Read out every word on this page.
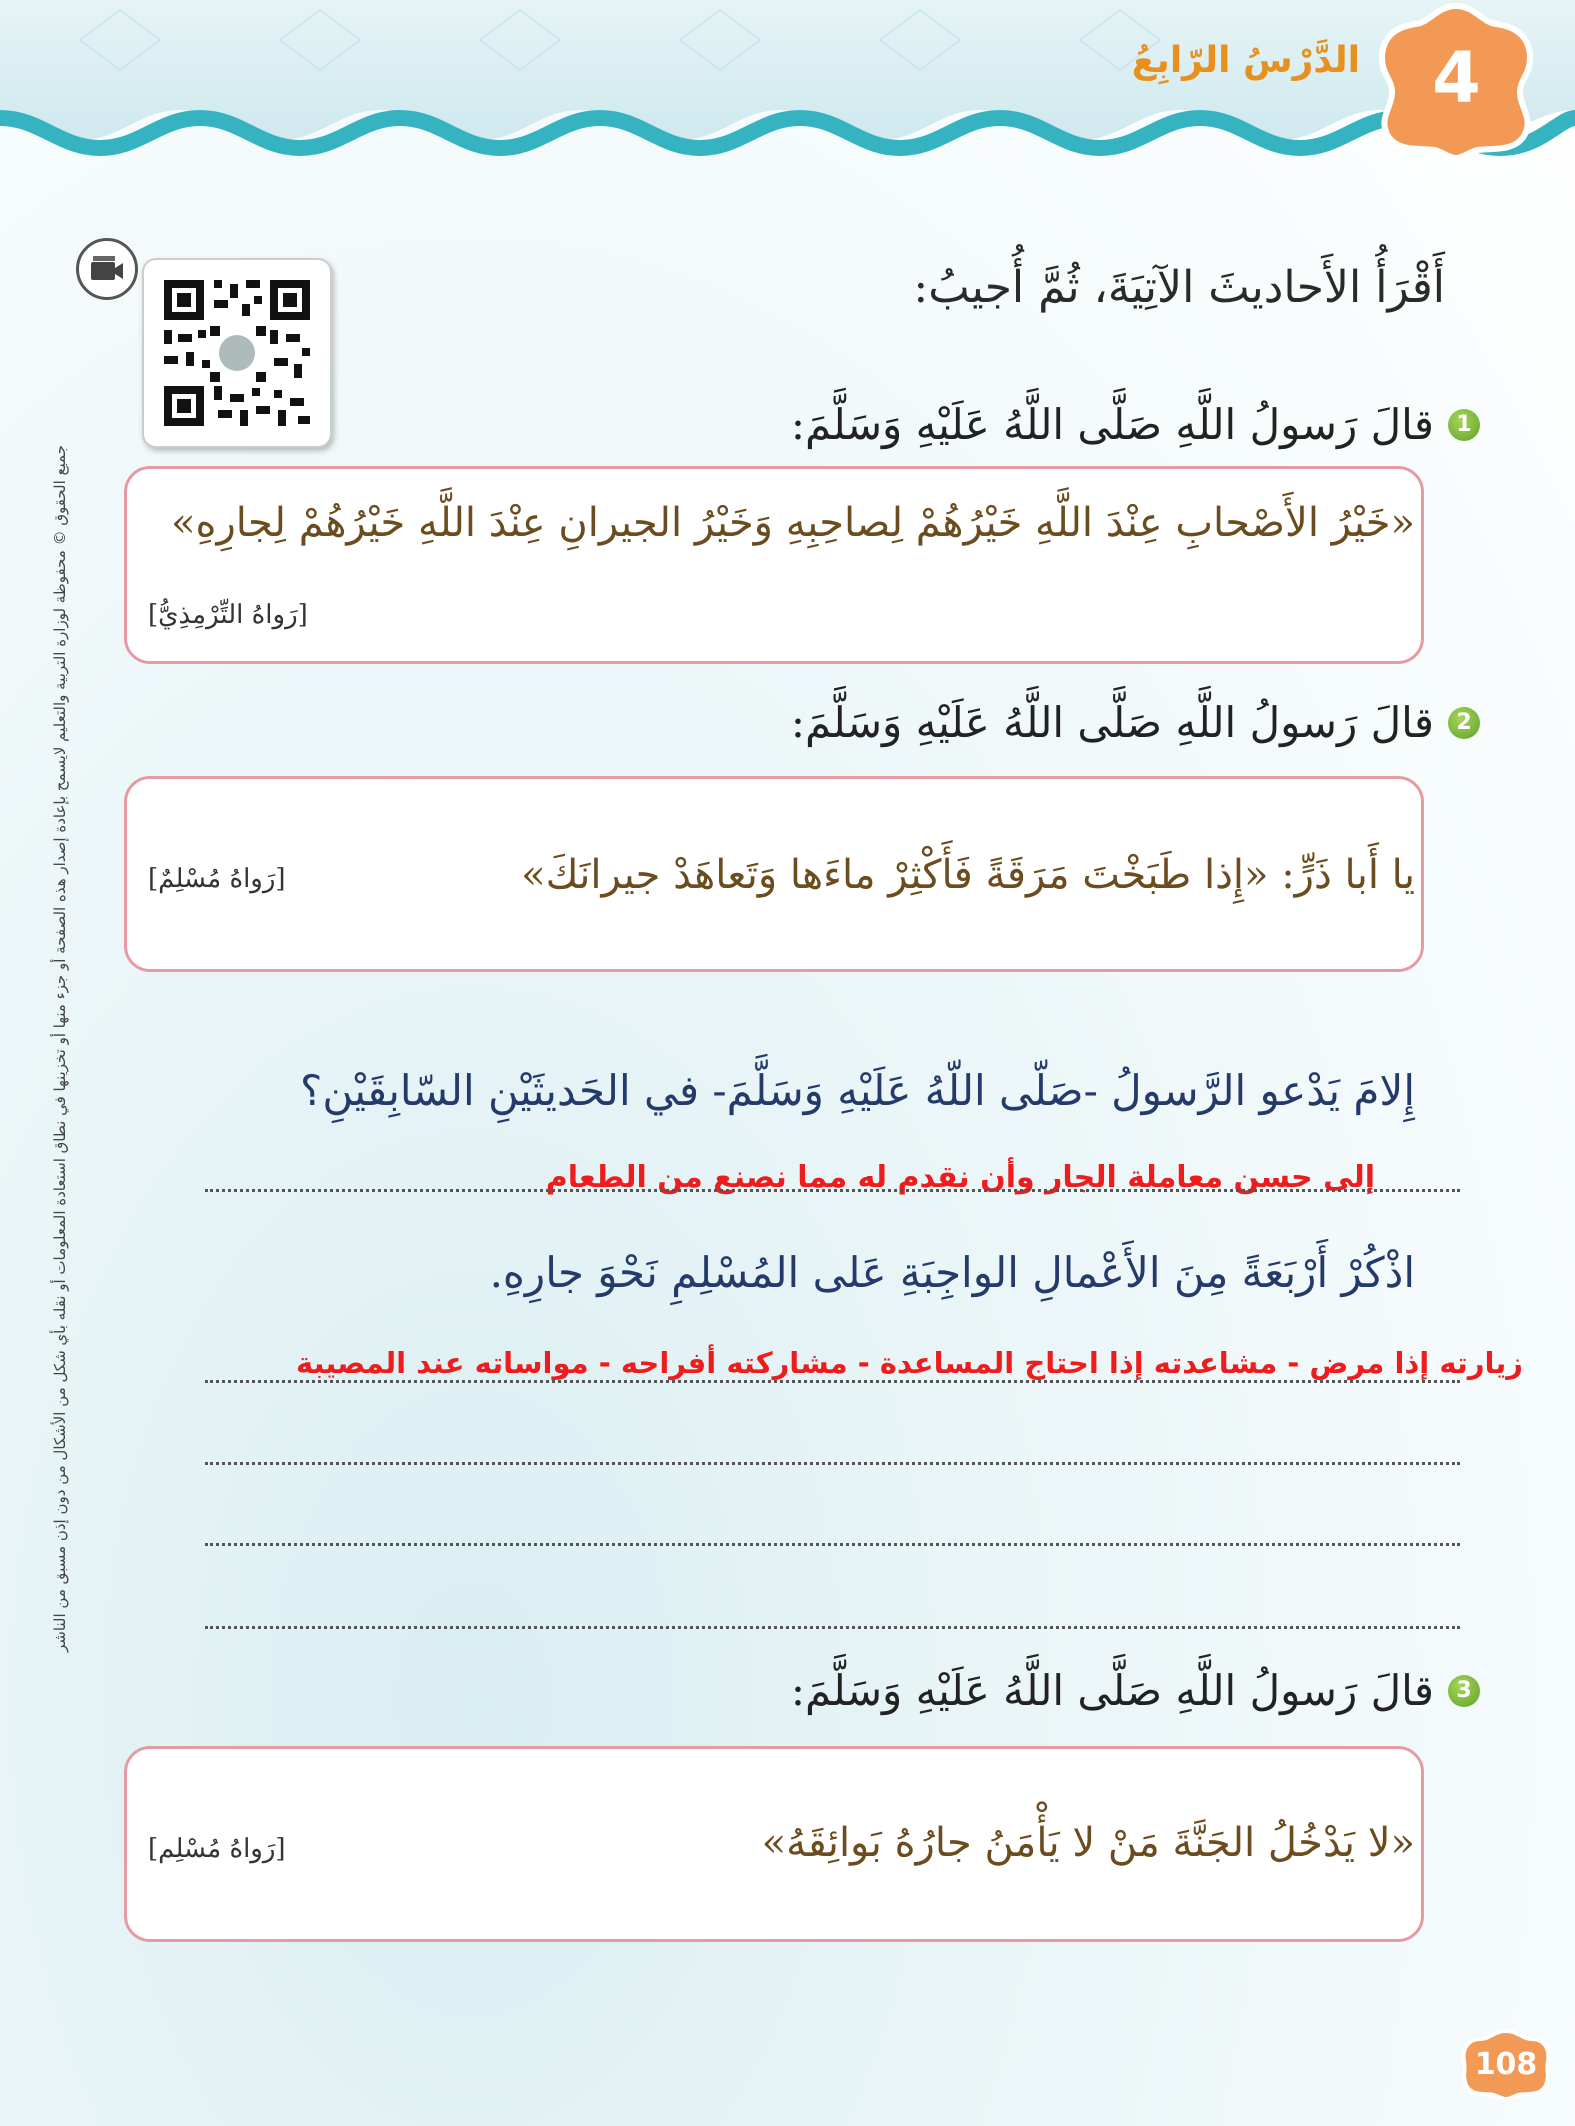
4
الدَّرْسُ الرّابِعُ
جميع الحقوق © محفوظة لوزارة التربية والتعليم لايسمح بإعادة إصدار هذه الصفحة أو جزء منها أو تخزينها في نطاق استعادة المعلومات أو نقله بأي شكل من الأشكال من دون إذن مسبق من الناشر
أَقْرَأُ الأَحاديثَ الآتِيَةَ، ثُمَّ أُجيبُ:
1
قالَ رَسولُ اللَّهِ صَلَّى اللَّهُ عَلَيْهِ وَسَلَّمَ:
«خَيْرُ الأَصْحابِ عِنْدَ اللَّهِ خَيْرُهُمْ لِصاحِبِهِ وَخَيْرُ الجيرانِ عِنْدَ اللَّهِ خَيْرُهُمْ لِجارِهِ»
[رَواهُ التِّرْمِذِيُّ]
2
قالَ رَسولُ اللَّهِ صَلَّى اللَّهُ عَلَيْهِ وَسَلَّمَ:
يا أَبا ذَرٍّ: «إِذا طَبَخْتَ مَرَقَةً فَأَكْثِرْ ماءَها وَتَعاهَدْ جيرانَكَ»
[رَواهُ مُسْلِمٌ]
إِلامَ يَدْعو الرَّسولُ -صَلّى اللّهُ عَلَيْهِ وَسَلَّمَ- في الحَديثَيْنِ السّابِقَيْنِ؟
إلى حسن معاملة الجار وأن نقدم له مما نصنع من الطعام
اذْكُرْ أَرْبَعَةً مِنَ الأَعْمالِ الواجِبَةِ عَلى المُسْلِمِ نَحْوَ جارِهِ.
زيارته إذا مرض - مشاعدته إذا احتاج المساعدة - مشاركته أفراحه - مواساته عند المصيبة
3
قالَ رَسولُ اللَّهِ صَلَّى اللَّهُ عَلَيْهِ وَسَلَّمَ:
«لا يَدْخُلُ الجَنَّةَ مَنْ لا يَأْمَنُ جارُهُ بَوائِقَهُ»
[رَواهُ مُسْلِم]
108
